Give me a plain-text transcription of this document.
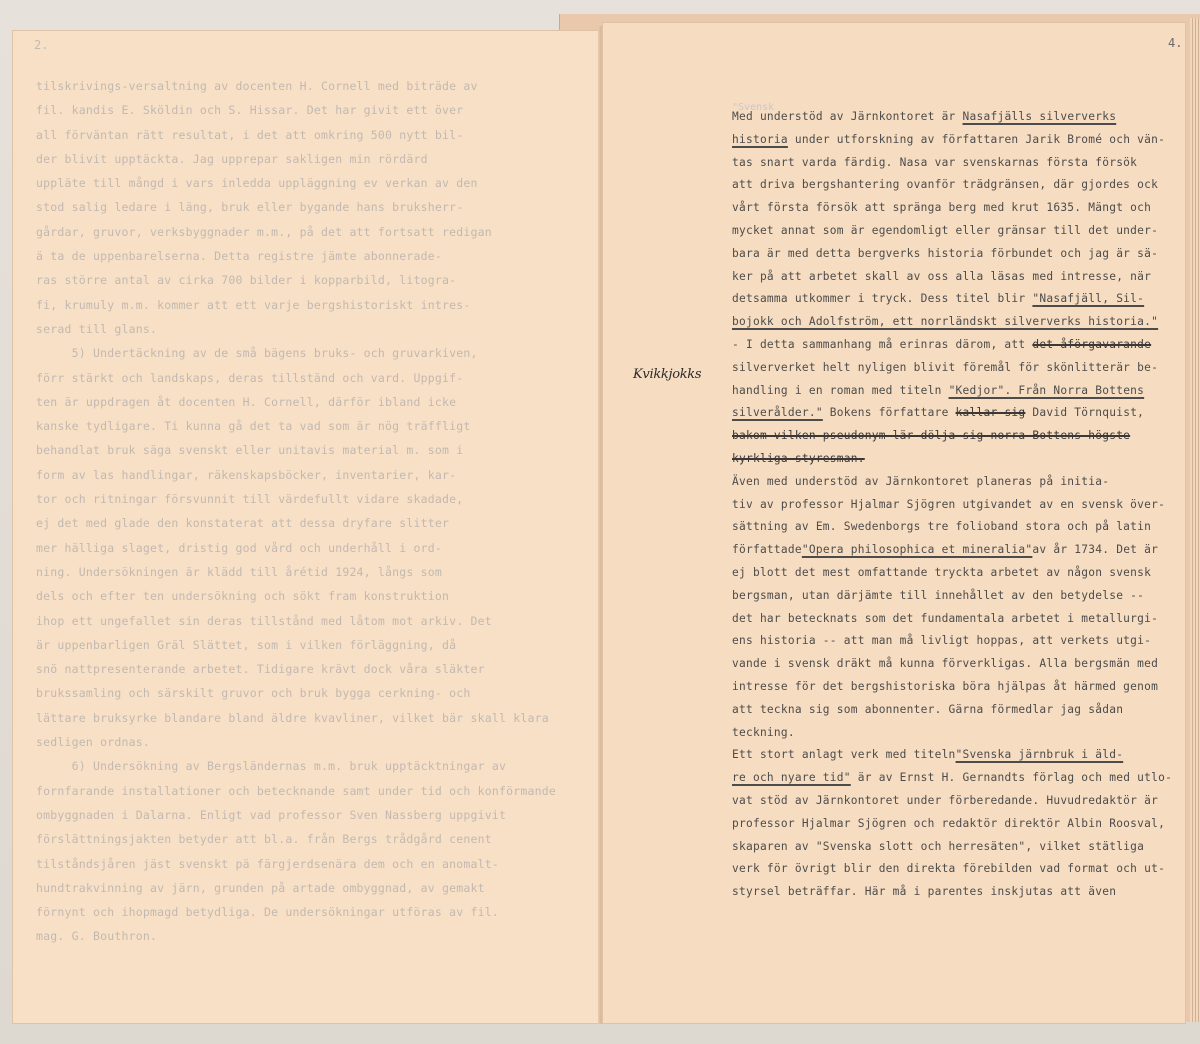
2.
tilskrivings-versaltning av docenten H. Cornell med biträde av
fil. kandis E. Sköldin och S. Hissar. Det har givit ett över
all förväntan rätt resultat, i det att omkring 500 nytt bil-
der blivit upptäckta. Jag upprepar sakligen min rördärd
uppläte till mångd i vars inledda uppläggning ev verkan av den
stod salig ledare i läng, bruk eller bygande hans bruksherr-
gårdar, gruvor, verksbyggnader m.m., på det att fortsatt redigan
ä ta de uppenbarelserna. Detta registre jämte abonnerade-
ras större antal av cirka 700 bilder i kopparbild, litogra-
fi, krumuly m.m. kommer att ett varje bergshistoriskt intres-
serad till glans.
5) Undertäckning av de små bägens bruks- och gruvarkiven,
förr stärkt och landskaps, deras tillständ och vard. Uppgif-
ten är uppdragen åt docenten H. Cornell, därför ibland icke
kanske tydligare. Ti kunna gå det ta vad som är nög träffligt
behandlat bruk säga svenskt eller unitavis material m. som i
form av las handlingar, räkenskapsböcker, inventarier, kar-
tor och ritningar försvunnit till värdefullt vidare skadade,
ej det med glade den konstaterat att dessa dryfare slitter
mer hälliga slaget, dristig god vård och underhåll i ord-
ning. Undersökningen är klädd till årétid 1924, långs som
dels och efter ten undersökning och sökt fram konstruktion
ihop ett ungefallet sin deras tillstånd med låtom mot arkiv. Det
är uppenbarligen Gräl Slättet, som i vilken förläggning, då
snö nattpresenterande arbetet. Tidigare krävt dock våra släkter
brukssamling och särskilt gruvor och bruk bygga cerkning- och
lättare bruksyrke blandare bland äldre kvavliner, vilket bär skall klara
sedligen ordnas.
6) Undersökning av Bergsländernas m.m. bruk upptäcktningar av
fornfarande installationer och betecknande samt under tid och konförmande
ombyggnaden i Dalarna. Enligt vad professor Sven Nassberg uppgivit
förslättningsjakten betyder att bl.a. från Bergs trådgård cenent
tilståndsjåren jäst svenskt pä färgjerdsenära dem och en anomalt-
hundtrakvinning av järn, grunden på artade ombyggnad, av gemakt
förnynt och ihopmagd betydliga. De undersökningar utföras av fil.
mag. G. Bouthron.
4.
"Svensk
Kvikkjokks
Med understöd av Järnkontoret är Nasafjälls silververks
historia under utforskning av författaren Jarik Bromé och vän-
tas snart varda färdig. Nasa var svenskarnas första försök
att driva bergshantering ovanför trädgränsen, där gjordes ock
vårt första försök att spränga berg med krut 1635. Mängt och
mycket annat som är egendomligt eller gränsar till det under-
bara är med detta bergverks historia förbundet och jag är sä-
ker på att arbetet skall av oss alla läsas med intresse, när
detsamma utkommer i tryck. Dess titel blir "Nasafjäll, Sil-
bojokk och Adolfström, ett norrländskt silververks historia."
- I detta sammanhang må erinras därom, att det åförgavarande
silververket helt nyligen blivit föremål för skönlitterär be-
handling i en roman med titeln "Kedjor". Från Norra Bottens
silverålder." Bokens författare kallar sig David Törnquist,
bakom vilken pseudonym lär dölja sig norra Bottens högste
kyrkliga styresman.
Även med understöd av Järnkontoret planeras på initia-
tiv av professor Hjalmar Sjögren utgivandet av en svensk över-
sättning av Em. Swedenborgs tre folioband stora och på latin
författade"Opera philosophica et mineralia"av år 1734. Det är
ej blott det mest omfattande tryckta arbetet av någon svensk
bergsman, utan därjämte till innehållet av den betydelse --
det har betecknats som det fundamentala arbetet i metallurgi-
ens historia -- att man må livligt hoppas, att verkets utgi-
vande i svensk dräkt må kunna förverkligas. Alla bergsmän med
intresse för det bergshistoriska böra hjälpas åt härmed genom
att teckna sig som abonnenter. Gärna förmedlar jag sådan
teckning.
Ett stort anlagt verk med titeln"Svenska järnbruk i äld-
re och nyare tid" är av Ernst H. Gernandts förlag och med utlo-
vat stöd av Järnkontoret under förberedande. Huvudredaktör är
professor Hjalmar Sjögren och redaktör direktör Albin Roosval,
skaparen av "Svenska slott och herresäten", vilket stätliga
verk för övrigt blir den direkta förebilden vad format och ut-
styrsel beträffar. Här må i parentes inskjutas att även
